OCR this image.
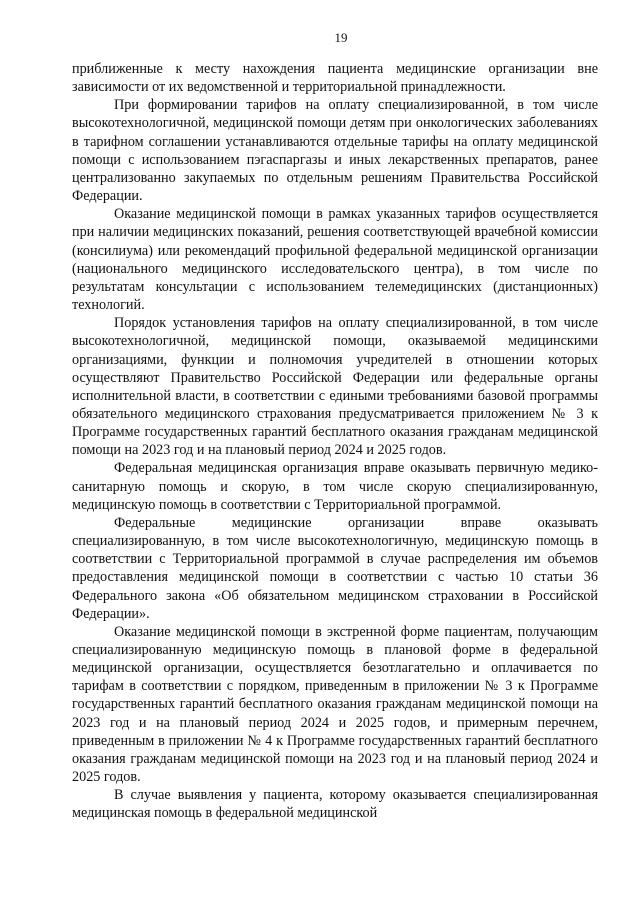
19

приближенные к месту нахождения пациента медицинские организации вне зависимости от их ведомственной и территориальной принадлежности.

При формировании тарифов на оплату специализированной, в том числе высокотехнологичной, медицинской помощи детям при онкологических заболеваниях в тарифном соглашении устанавливаются отдельные тарифы на оплату медицинской помощи с использованием пэгаспаргазы и иных лекарственных препаратов, ранее централизованно закупаемых по отдельным решениям Правительства Российской Федерации.

Оказание медицинской помощи в рамках указанных тарифов осуществляется при наличии медицинских показаний, решения соответствующей врачебной комиссии (консилиума) или рекомендаций профильной федеральной медицинской организации (национального медицинского исследовательского центра), в том числе по результатам консультации с использованием телемедицинских (дистанционных) технологий.

Порядок установления тарифов на оплату специализированной, в том числе высокотехнологичной, медицинской помощи, оказываемой медицинскими организациями, функции и полномочия учредителей в отношении которых осуществляют Правительство Российской Федерации или федеральные органы исполнительной власти, в соответствии с едиными требованиями базовой программы обязательного медицинского страхования предусматривается приложением № 3 к Программе государственных гарантий бесплатного оказания гражданам медицинской помощи на 2023 год и на плановый период 2024 и 2025 годов.

Федеральная медицинская организация вправе оказывать первичную медико-санитарную помощь и скорую, в том числе скорую специализированную, медицинскую помощь в соответствии с Территориальной программой.

Федеральные медицинские организации вправе оказывать специализированную, в том числе высокотехнологичную, медицинскую помощь в соответствии с Территориальной программой в случае распределения им объемов предоставления медицинской помощи в соответствии с частью 10 статьи 36 Федерального закона «Об обязательном медицинском страховании в Российской Федерации».

Оказание медицинской помощи в экстренной форме пациентам, получающим специализированную медицинскую помощь в плановой форме в федеральной медицинской организации, осуществляется безотлагательно и оплачивается по тарифам в соответствии с порядком, приведенным в приложении № 3 к Программе государственных гарантий бесплатного оказания гражданам медицинской помощи на 2023 год и на плановый период 2024 и 2025 годов, и примерным перечнем, приведенным в приложении № 4 к Программе государственных гарантий бесплатного оказания гражданам медицинской помощи на 2023 год и на плановый период 2024 и 2025 годов.

В случае выявления у пациента, которому оказывается специализированная медицинская помощь в федеральной медицинской
